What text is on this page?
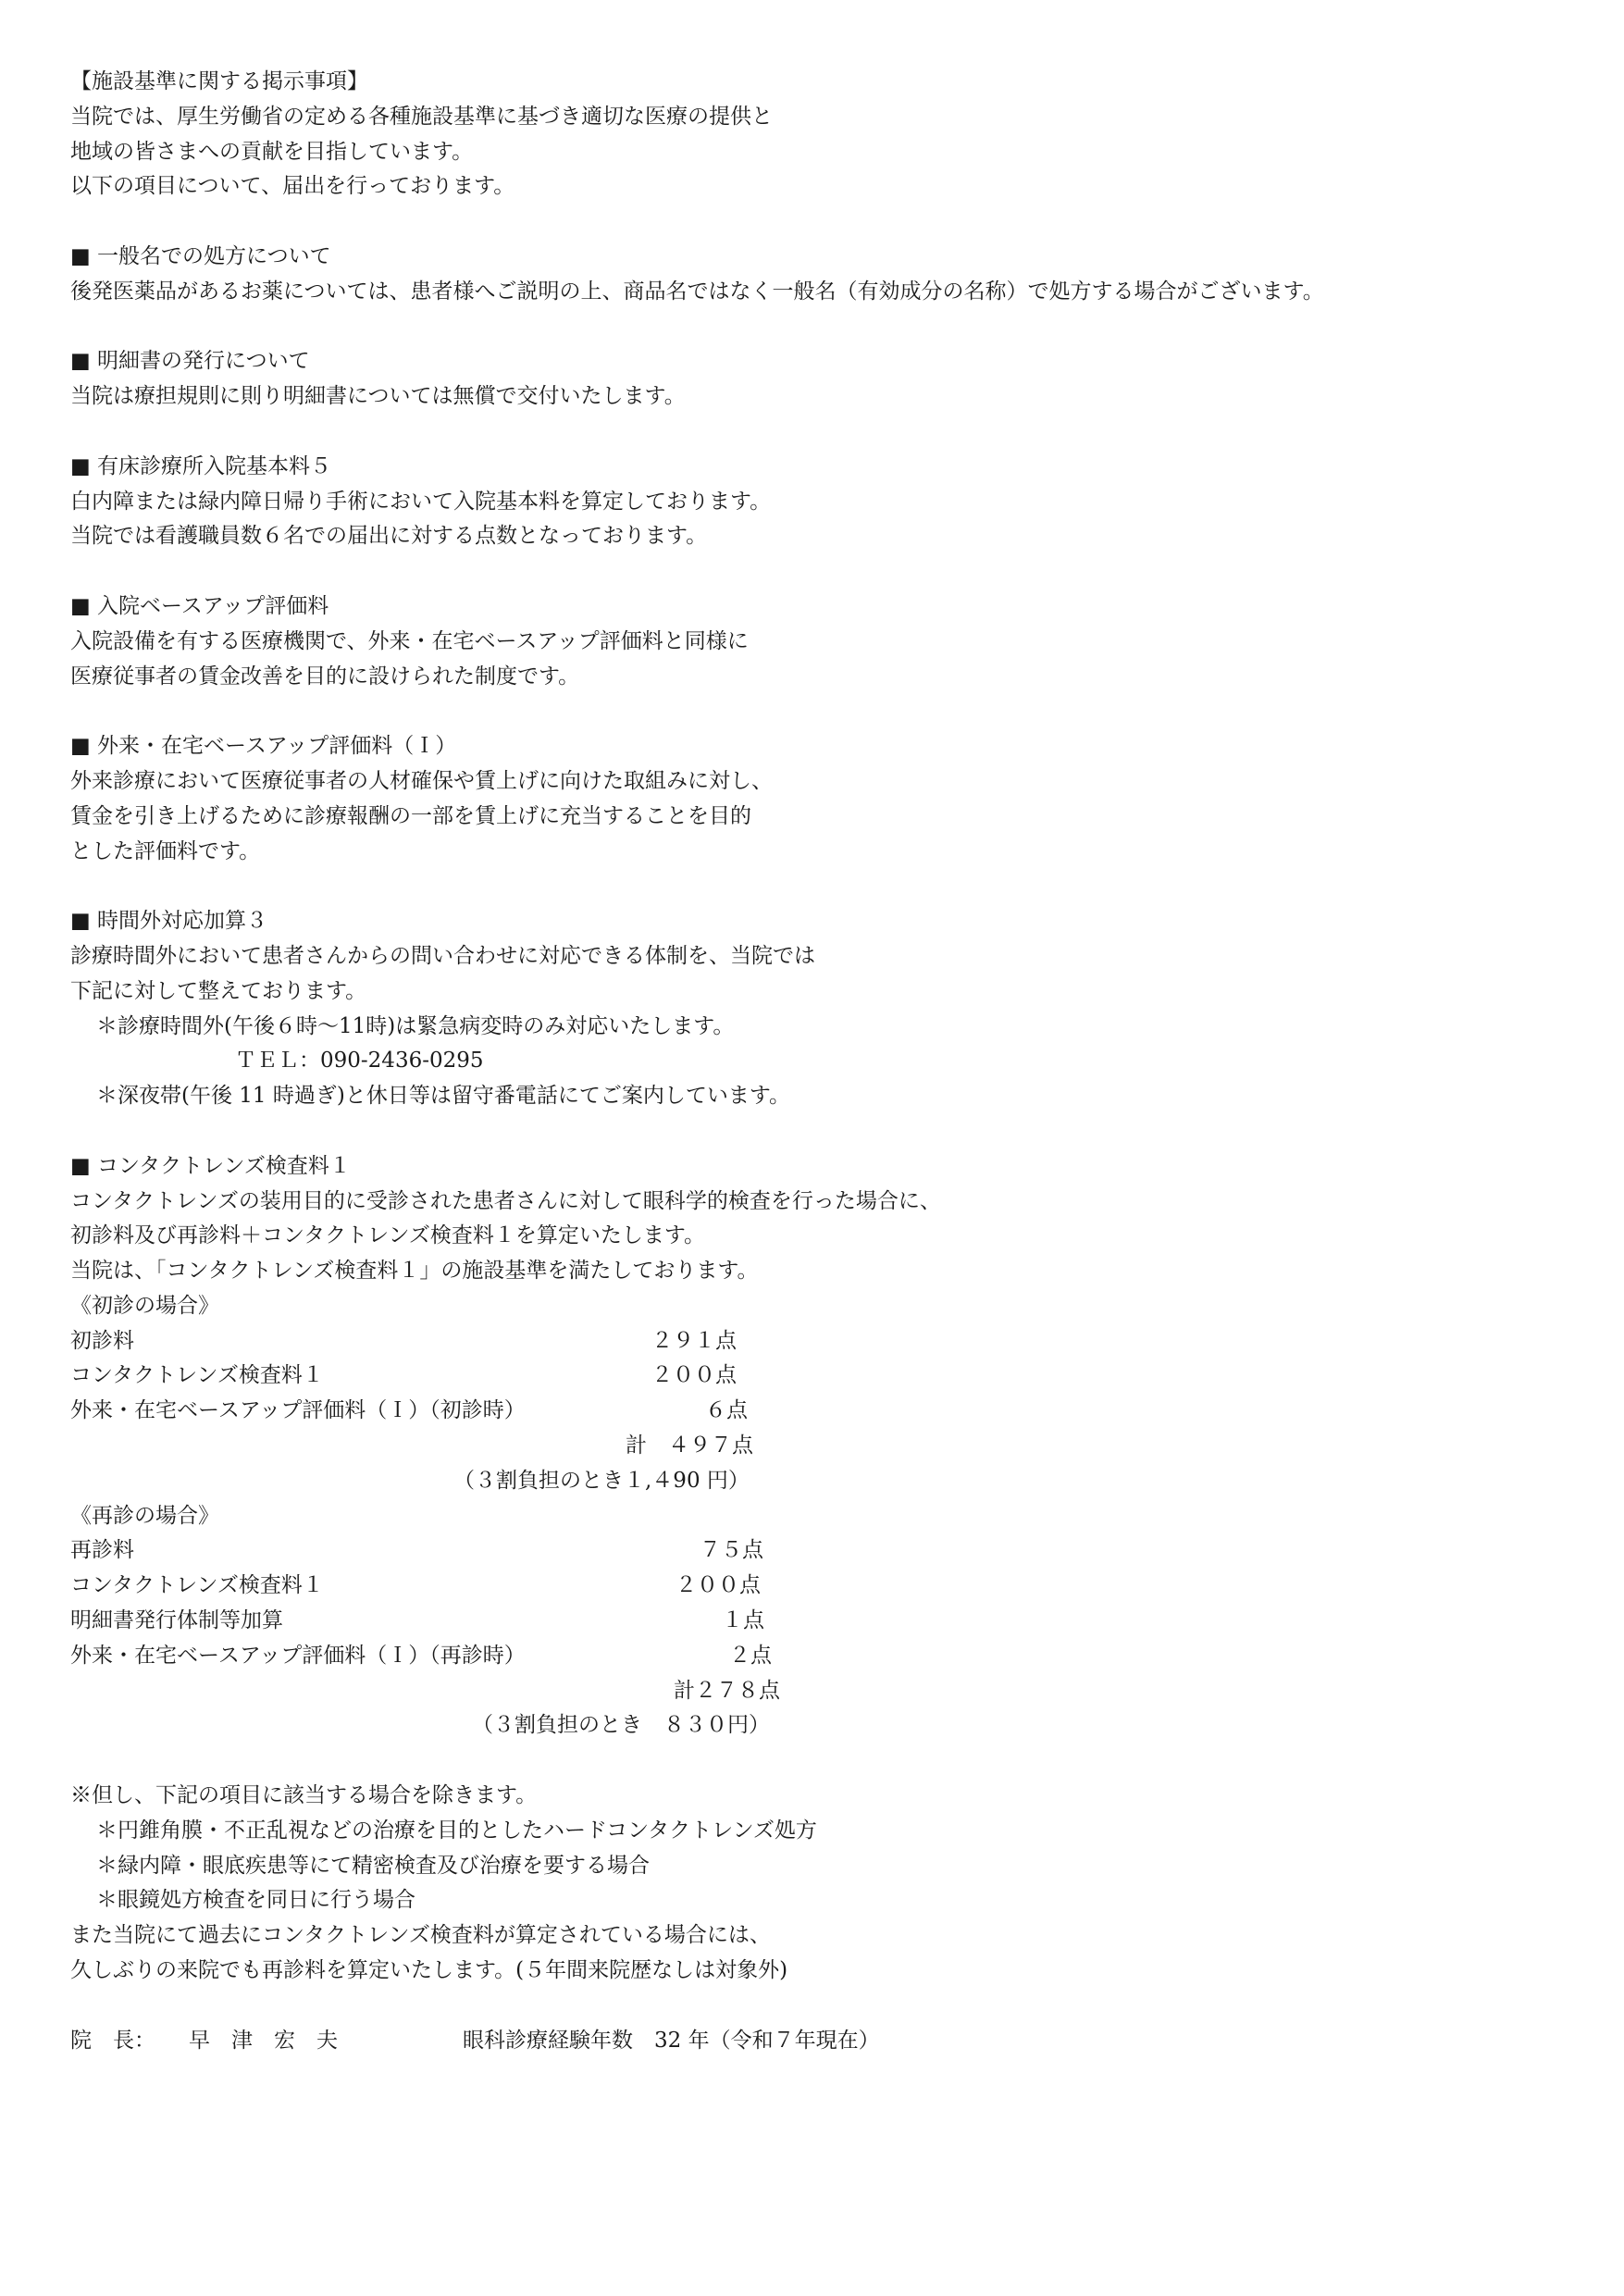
【施設基準に関する掲示事項】
当院では、厚生労働省の定める各種施設基準に基づき適切な医療の提供と
地域の皆さまへの貢献を目指しています。
以下の項目について、届出を行っております。
■ 一般名での処方について
後発医薬品があるお薬については、患者様へご説明の上、商品名ではなく一般名（有効成分の名称）で処方する場合がございます。
■ 明細書の発行について
当院は療担規則に則り明細書については無償で交付いたします。
■ 有床診療所入院基本料５
白内障または緑内障日帰り手術において入院基本料を算定しております。
当院では看護職員数６名での届出に対する点数となっております。
■ 入院ベースアップ評価料
入院設備を有する医療機関で、外来・在宅ベースアップ評価料と同様に
医療従事者の賃金改善を目的に設けられた制度です。
■ 外来・在宅ベースアップ評価料（Ｉ）
外来診療において医療従事者の人材確保や賃上げに向けた取組みに対し、
賃金を引き上げるために診療報酬の一部を賃上げに充当することを目的
とした評価料です。
■ 時間外対応加算３
診療時間外において患者さんからの問い合わせに対応できる体制を、当院では
下記に対して整えております。
＊診療時間外(午後６時〜11時)は緊急病変時のみ対応いたします。
ＴＥＬ：090-2436-0295
＊深夜帯(午後 11 時過ぎ)と休日等は留守番電話にてご案内しています。
■ コンタクトレンズ検査料１
コンタクトレンズの装用目的に受診された患者さんに対して眼科学的検査を行った場合に、
初診料及び再診料＋コンタクトレンズ検査料１を算定いたします。
当院は、「コンタクトレンズ検査料１」の施設基準を満たしております。
《初診の場合》
初診料	２９１点
コンタクトレンズ検査料１	２００点
外来・在宅ベースアップ評価料（Ｉ）（初診時）	６点
計　４９７点
（３割負担のとき１,４90 円）
《再診の場合》
再診料	７５点
コンタクトレンズ検査料１	２００点
明細書発行体制等加算	１点
外来・在宅ベースアップ評価料（Ｉ）（再診時）	２点
計２７８点
（３割負担のとき　８３０円）
※但し、下記の項目に該当する場合を除きます。
＊円錐角膜・不正乱視などの治療を目的としたハードコンタクトレンズ処方
＊緑内障・眼底疾患等にて精密検査及び治療を要する場合
＊眼鏡処方検査を同日に行う場合
また当院にて過去にコンタクトレンズ検査料が算定されている場合には、
久しぶりの来院でも再診料を算定いたします。(５年間来院歴なしは対象外)
院　長： 早　津　宏　夫	眼科診療経験年数　32 年（令和７年現在）
